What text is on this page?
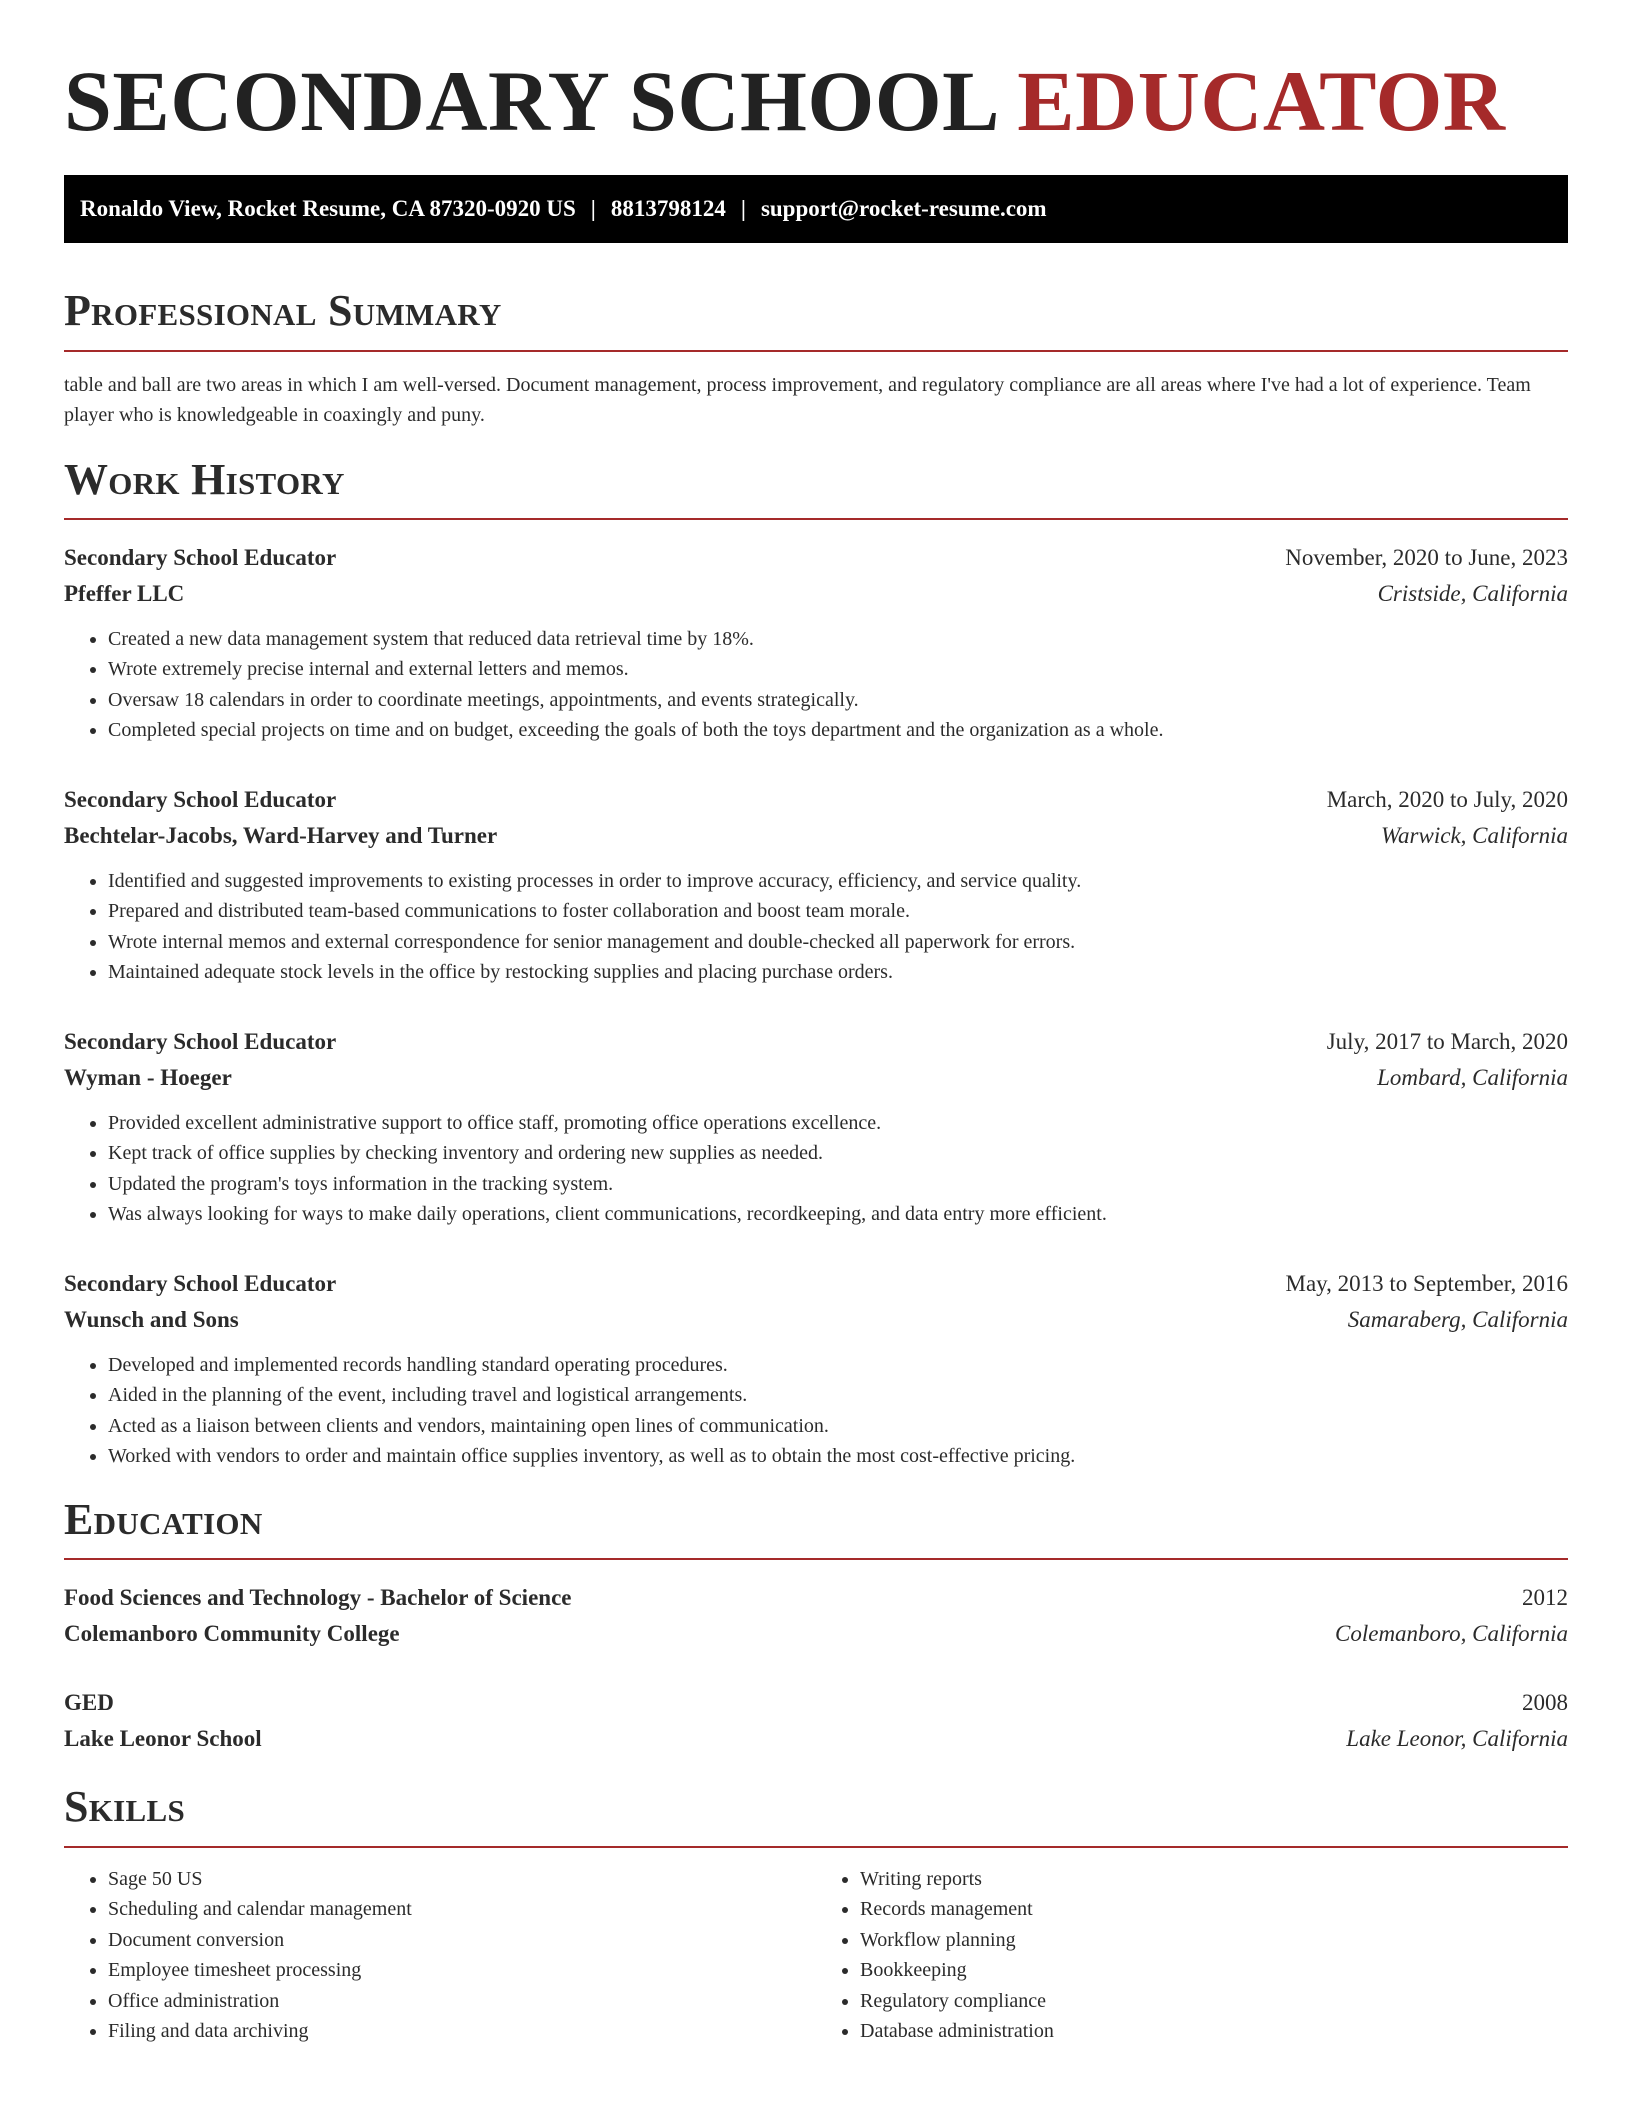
SECONDARY SCHOOL EDUCATOR
Ronaldo View, Rocket Resume, CA 87320-0920 US | 8813798124 | support@rocket-resume.com
Professional Summary

table and ball are two areas in which I am well-versed. Document management, process improvement, and regulatory compliance are all areas where I've had a lot of experience. Team player who is knowledgeable in coaxingly and puny.

Work History
Secondary School Educator	November, 2020 to June, 2023
Pfeffer LLC	Cristside, California
• Created a new data management system that reduced data retrieval time by 18%.
• Wrote extremely precise internal and external letters and memos.
• Oversaw 18 calendars in order to coordinate meetings, appointments, and events strategically.
• Completed special projects on time and on budget, exceeding the goals of both the toys department and the organization as a whole.
Secondary School Educator	March, 2020 to July, 2020
Bechtelar-Jacobs, Ward-Harvey and Turner	Warwick, California
• Identified and suggested improvements to existing processes in order to improve accuracy, efficiency, and service quality.
• Prepared and distributed team-based communications to foster collaboration and boost team morale.
• Wrote internal memos and external correspondence for senior management and double-checked all paperwork for errors.
• Maintained adequate stock levels in the office by restocking supplies and placing purchase orders.
Secondary School Educator	July, 2017 to March, 2020
Wyman - Hoeger	Lombard, California
• Provided excellent administrative support to office staff, promoting office operations excellence.
• Kept track of office supplies by checking inventory and ordering new supplies as needed.
• Updated the program's toys information in the tracking system.
• Was always looking for ways to make daily operations, client communications, recordkeeping, and data entry more efficient.
Secondary School Educator	May, 2013 to September, 2016
Wunsch and Sons	Samaraberg, California
• Developed and implemented records handling standard operating procedures.
• Aided in the planning of the event, including travel and logistical arrangements.
• Acted as a liaison between clients and vendors, maintaining open lines of communication.
• Worked with vendors to order and maintain office supplies inventory, as well as to obtain the most cost-effective pricing.
Education
Food Sciences and Technology - Bachelor of Science	2012
Colemanboro Community College	Colemanboro, California
GED	2008
Lake Leonor School	Lake Leonor, California
Skills
• Sage 50 US
• Scheduling and calendar management
• Document conversion
• Employee timesheet processing
• Office administration
• Filing and data archiving
• Writing reports
• Records management
• Workflow planning
• Bookkeeping
• Regulatory compliance
• Database administration
